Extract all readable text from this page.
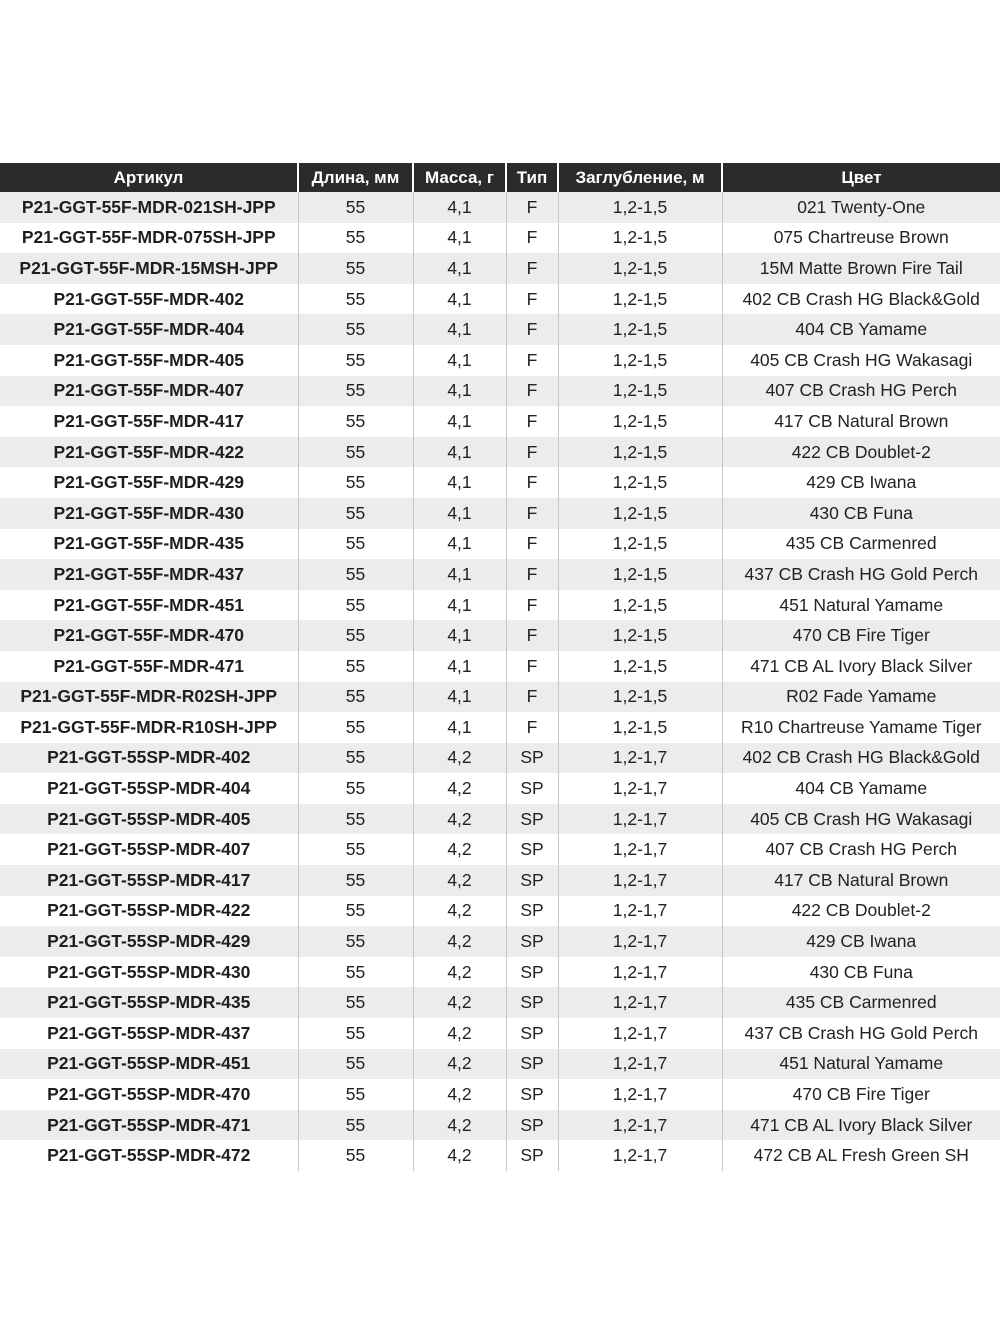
Артикул	Длина, мм	Масса, г	Тип	Заглубление, м	Цвет
P21-GGT-55F-MDR-021SH-JPP	55	4,1	F	1,2-1,5	021 Twenty-One
P21-GGT-55F-MDR-075SH-JPP	55	4,1	F	1,2-1,5	075 Chartreuse Brown
P21-GGT-55F-MDR-15MSH-JPP	55	4,1	F	1,2-1,5	15M Matte Brown Fire Tail
P21-GGT-55F-MDR-402	55	4,1	F	1,2-1,5	402 CB Crash HG Black&Gold
P21-GGT-55F-MDR-404	55	4,1	F	1,2-1,5	404 CB Yamame
P21-GGT-55F-MDR-405	55	4,1	F	1,2-1,5	405 CB Crash HG Wakasagi
P21-GGT-55F-MDR-407	55	4,1	F	1,2-1,5	407 CB Crash HG Perch
P21-GGT-55F-MDR-417	55	4,1	F	1,2-1,5	417 CB Natural Brown
P21-GGT-55F-MDR-422	55	4,1	F	1,2-1,5	422 CB Doublet-2
P21-GGT-55F-MDR-429	55	4,1	F	1,2-1,5	429 CB Iwana
P21-GGT-55F-MDR-430	55	4,1	F	1,2-1,5	430 CB Funa
P21-GGT-55F-MDR-435	55	4,1	F	1,2-1,5	435 CB Carmenred
P21-GGT-55F-MDR-437	55	4,1	F	1,2-1,5	437 CB Crash HG Gold Perch
P21-GGT-55F-MDR-451	55	4,1	F	1,2-1,5	451 Natural Yamame
P21-GGT-55F-MDR-470	55	4,1	F	1,2-1,5	470 CB Fire Tiger
P21-GGT-55F-MDR-471	55	4,1	F	1,2-1,5	471 CB AL Ivory Black Silver
P21-GGT-55F-MDR-R02SH-JPP	55	4,1	F	1,2-1,5	R02 Fade Yamame
P21-GGT-55F-MDR-R10SH-JPP	55	4,1	F	1,2-1,5	R10 Chartreuse Yamame Tiger
P21-GGT-55SP-MDR-402	55	4,2	SP	1,2-1,7	402 CB Crash HG Black&Gold
P21-GGT-55SP-MDR-404	55	4,2	SP	1,2-1,7	404 CB Yamame
P21-GGT-55SP-MDR-405	55	4,2	SP	1,2-1,7	405 CB Crash HG Wakasagi
P21-GGT-55SP-MDR-407	55	4,2	SP	1,2-1,7	407 CB Crash HG Perch
P21-GGT-55SP-MDR-417	55	4,2	SP	1,2-1,7	417 CB Natural Brown
P21-GGT-55SP-MDR-422	55	4,2	SP	1,2-1,7	422 CB Doublet-2
P21-GGT-55SP-MDR-429	55	4,2	SP	1,2-1,7	429 CB Iwana
P21-GGT-55SP-MDR-430	55	4,2	SP	1,2-1,7	430 CB Funa
P21-GGT-55SP-MDR-435	55	4,2	SP	1,2-1,7	435 CB Carmenred
P21-GGT-55SP-MDR-437	55	4,2	SP	1,2-1,7	437 CB Crash HG Gold Perch
P21-GGT-55SP-MDR-451	55	4,2	SP	1,2-1,7	451 Natural Yamame
P21-GGT-55SP-MDR-470	55	4,2	SP	1,2-1,7	470 CB Fire Tiger
P21-GGT-55SP-MDR-471	55	4,2	SP	1,2-1,7	471 CB AL Ivory Black Silver
P21-GGT-55SP-MDR-472	55	4,2	SP	1,2-1,7	472 CB AL Fresh Green SH
